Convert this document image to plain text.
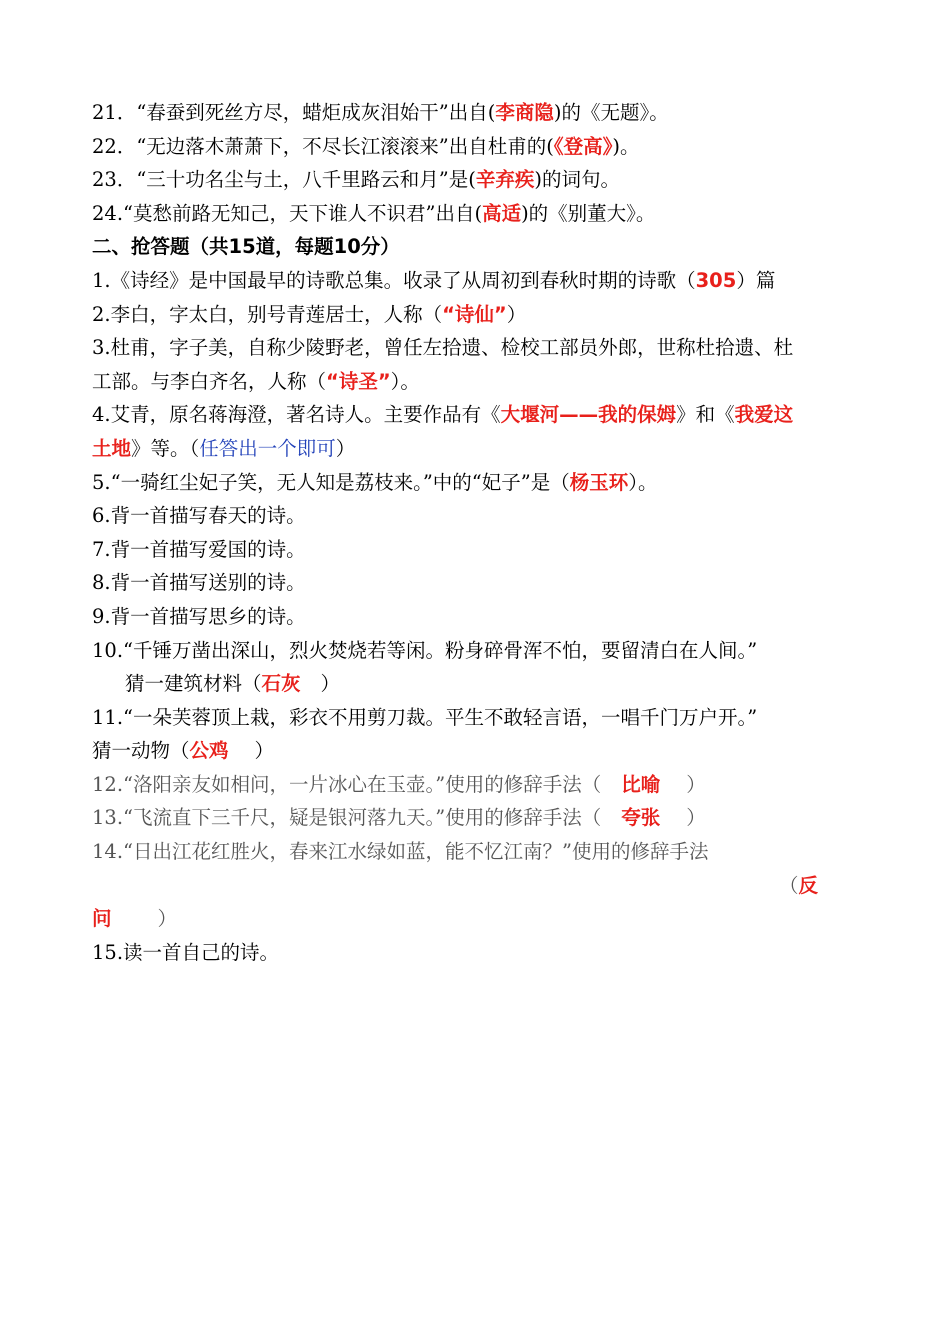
21．“春蚕到死丝方尽，蜡炬成灰泪始干”出自(李商隐)的《无题》。
22．“无边落木萧萧下，不尽长江滚滚来”出自杜甫的(《登高》)。
23．“三十功名尘与土，八千里路云和月”是(辛弃疾)的词句。
24.“莫愁前路无知己，天下谁人不识君”出自(高适)的《别董大》。
二、抢答题（共15道，每题10分）
1.《诗经》是中国最早的诗歌总集。收录了从周初到春秋时期的诗歌（305）篇
2.李白，字太白，别号青莲居士，人称（“诗仙”）
3.杜甫，字子美，自称少陵野老，曾任左拾遗、检校工部员外郎，世称杜拾遗、杜
工部。与李白齐名，人称（“诗圣”）。
4.艾青，原名蒋海澄，著名诗人。主要作品有《大堰河——我的保姆》和《我爱这
土地》等。（任答出一个即可）
5.“一骑红尘妃子笑，无人知是荔枝来。”中的“妃子”是（杨玉环）。
6.背一首描写春天的诗。
7.背一首描写爱国的诗。
8.背一首描写送别的诗。
9.背一首描写思乡的诗。
10.“千锤万凿出深山，烈火焚烧若等闲。粉身碎骨浑不怕，要留清白在人间。”
猜一建筑材料（石灰 ）
11.“一朵芙蓉顶上栽，彩衣不用剪刀裁。平生不敢轻言语，一唱千门万户开。”
猜一动物（公鸡 ）
12.“洛阳亲友如相问，一片冰心在玉壶。”使用的修辞手法（ 比喻 ）
13.“飞流直下三千尺，疑是银河落九天。”使用的修辞手法（ 夸张 ）
14.“日出江花红胜火，春来江水绿如蓝，能不忆江南？”使用的修辞手法
（反
问 ）
15.读一首自己的诗。
